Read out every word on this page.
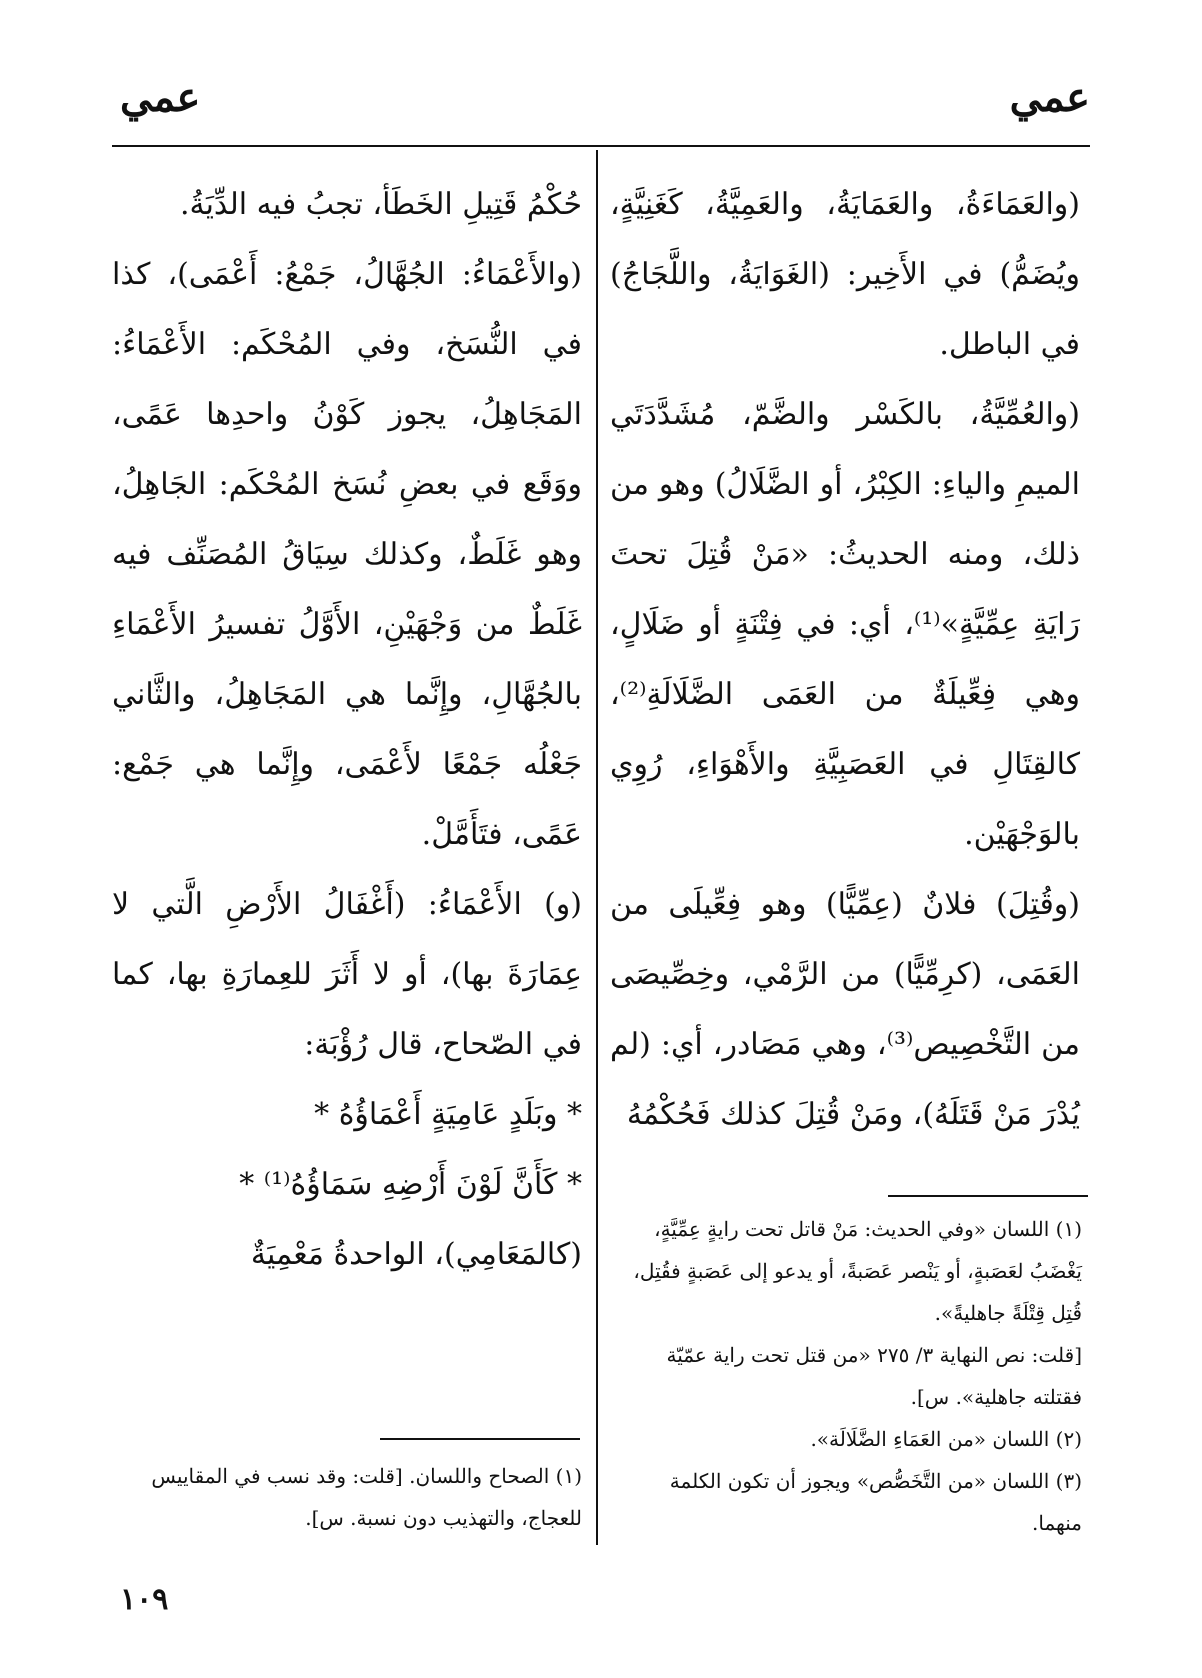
عمي
عمي

(والعَمَاءَةُ، والعَمَايَةُ، والعَمِيَّةُ، كَغَنِيَّةٍ، ويُضَمُّ) في الأَخِير: (الغَوَايَةُ، واللَّجَاجُ) في الباطل.

(والعُمِّيَّةُ، بالكَسْر والضَّمّ، مُشَدَّدَتَي الميمِ والياءِ: الكِبْرُ، أو الضَّلَالُ) وهو من ذلك، ومنه الحديثُ: «مَنْ قُتِلَ تحتَ رَايَةِ عِمِّيَّةٍ»⁽¹⁾، أي: في فِتْنَةٍ أو ضَلَالٍ، وهي فِعِّيلَةٌ من العَمَى الضَّلَالَةِ⁽²⁾، كالقِتَالِ في العَصَبِيَّةِ والأَهْوَاءِ، رُوِي بالوَجْهَيْن.

(وقُتِلَ) فلانٌ (عِمِّيًّا) وهو فِعِّيلَى من العَمَى، (كرِمِّيًّا) من الرَّمْي، وخِصِّيصَى من التَّخْصِيص⁽³⁾، وهي مَصَادر، أي: (لم يُدْرَ مَنْ قَتَلَهُ)، ومَنْ قُتِلَ كذلك فَحُكْمُهُ

حُكْمُ قَتِيلِ الخَطَأ، تجبُ فيه الدِّيَةُ.

(والأَعْمَاءُ: الجُهَّالُ، جَمْعُ: أَعْمَى)، كذا في النُّسَخ، وفي المُحْكَم: الأَعْمَاءُ: المَجَاهِلُ، يجوز كَوْنُ واحدِها عَمًى، ووَقَع في بعضِ نُسَخ المُحْكَم: الجَاهِلُ، وهو غَلَطٌ، وكذلك سِيَاقُ المُصَنِّف فيه غَلَطٌ من وَجْهَيْنِ، الأَوَّلُ تفسيرُ الأَعْمَاءِ بالجُهَّالِ، وإِنَّما هي المَجَاهِلُ، والثَّاني جَعْلُه جَمْعًا لأَعْمَى، وإِنَّما هي جَمْع: عَمًى، فتَأَمَّلْ.

(و) الأَعْمَاءُ: (أَغْفَالُ الأَرْضِ الَّتي لا عِمَارَةَ بها)، أو لا أَثَرَ للعِمارَةِ بها، كما في الصّحاح، قال رُؤْبَة:

* وبَلَدٍ عَامِيَةٍ أَعْمَاؤُهُ *

* كَأَنَّ لَوْنَ أَرْضِهِ سَمَاؤُهُ⁽¹⁾ *

(كالمَعَامِي)، الواحدةُ مَعْمِيَةٌ

(١) اللسان «وفي الحديث: مَنْ قاتل تحت رايةٍ عِمِّيَّةٍ، يَغْضَبُ لعَصَبةٍ، أو يَنْصر عَصَبةً، أو يدعو إلى عَصَبةٍ فقُتِل، قُتِل قِتْلَةً جاهليةً».

[قلت: نص النهاية ٣/ ٢٧٥ «من قتل تحت راية عمّيّة فقتلته جاهلية». س].

(٢) اللسان «من العَمَاءِ الضَّلَالَة».

(٣) اللسان «من التَّخَصُّص» ويجوز أن تكون الكلمة منهما.

(١) الصحاح واللسان. [قلت: وقد نسب في المقاييس للعجاج، والتهذيب دون نسبة. س].

١٠٩
